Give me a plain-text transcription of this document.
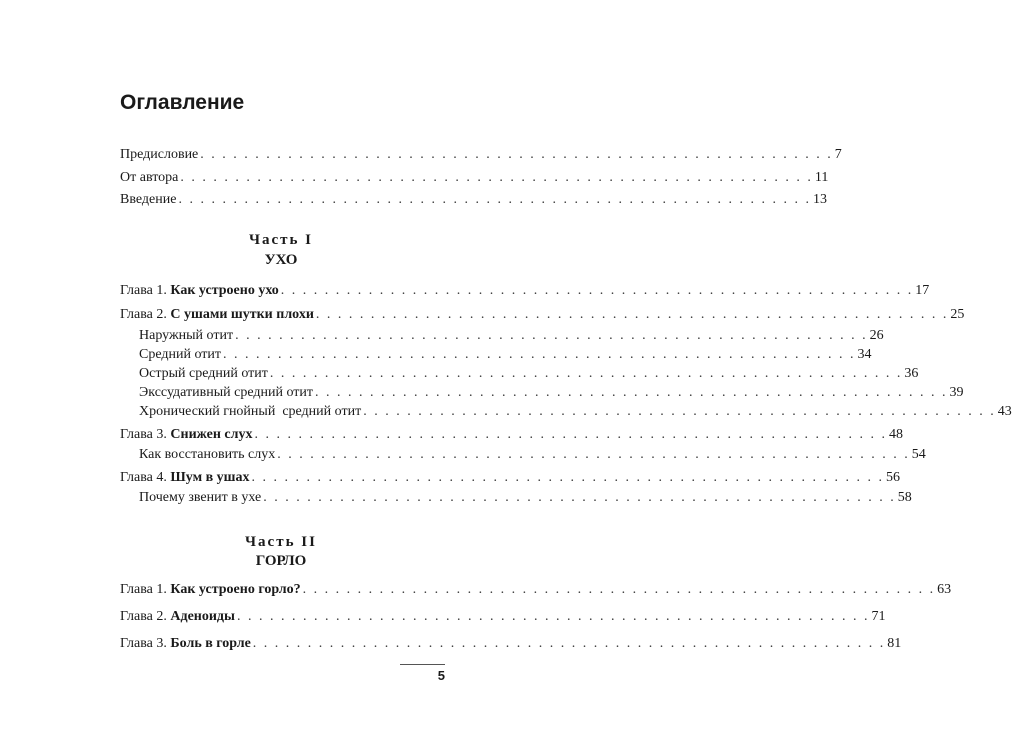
Оглавление
Предисловие . . . . . . . . . . . . . . . . . . . . . . . . . . . . . . . . . . . . . . . . . . . . . . . . . . . . . . . . . . 7
От автора . . . . . . . . . . . . . . . . . . . . . . . . . . . . . . . . . . . . . . . . . . . . . . . . . . . . . . . . . . 11
Введение . . . . . . . . . . . . . . . . . . . . . . . . . . . . . . . . . . . . . . . . . . . . . . . . . . . . . . . . . . 13
Часть I
УХО
Глава 1. Как устроено ухо . . . . . . . . . . . . . . . . . . . . . . . . . . . . . . . . . . . . . . . . . . . . . . . . . . . . . . . . . . 17
Глава 2. С ушами шутки плохи . . . . . . . . . . . . . . . . . . . . . . . . . . . . . . . . . . . . . . . . . . . . . . . . . . . . . . . . . . 25
Наружный отит . . . . . . . . . . . . . . . . . . . . . . . . . . . . . . . . . . . . . . . . . . . . . . . . . . . . . . . . . . 26
Средний отит . . . . . . . . . . . . . . . . . . . . . . . . . . . . . . . . . . . . . . . . . . . . . . . . . . . . . . . . . . 34
Острый средний отит . . . . . . . . . . . . . . . . . . . . . . . . . . . . . . . . . . . . . . . . . . . . . . . . . . . . . . . . . . 36
Экссудативный средний отит . . . . . . . . . . . . . . . . . . . . . . . . . . . . . . . . . . . . . . . . . . . . . . . . . . . . . . . . . . 39
Хронический гнойный  средний отит . . . . . . . . . . . . . . . . . . . . . . . . . . . . . . . . . . . . . . . . . . . . . . . . . . . . . . . . . . 43
Глава 3. Снижен слух . . . . . . . . . . . . . . . . . . . . . . . . . . . . . . . . . . . . . . . . . . . . . . . . . . . . . . . . . . 48
Как восстановить слух . . . . . . . . . . . . . . . . . . . . . . . . . . . . . . . . . . . . . . . . . . . . . . . . . . . . . . . . . . 54
Глава 4. Шум в ушах . . . . . . . . . . . . . . . . . . . . . . . . . . . . . . . . . . . . . . . . . . . . . . . . . . . . . . . . . . 56
Почему звенит в ухе . . . . . . . . . . . . . . . . . . . . . . . . . . . . . . . . . . . . . . . . . . . . . . . . . . . . . . . . . . 58
Часть II
ГОРЛО
Глава 1. Как устроено горло? . . . . . . . . . . . . . . . . . . . . . . . . . . . . . . . . . . . . . . . . . . . . . . . . . . . . . . . . . . 63
Глава 2. Аденоиды . . . . . . . . . . . . . . . . . . . . . . . . . . . . . . . . . . . . . . . . . . . . . . . . . . . . . . . . . . 71
Глава 3. Боль в горле . . . . . . . . . . . . . . . . . . . . . . . . . . . . . . . . . . . . . . . . . . . . . . . . . . . . . . . . . . 81
5
